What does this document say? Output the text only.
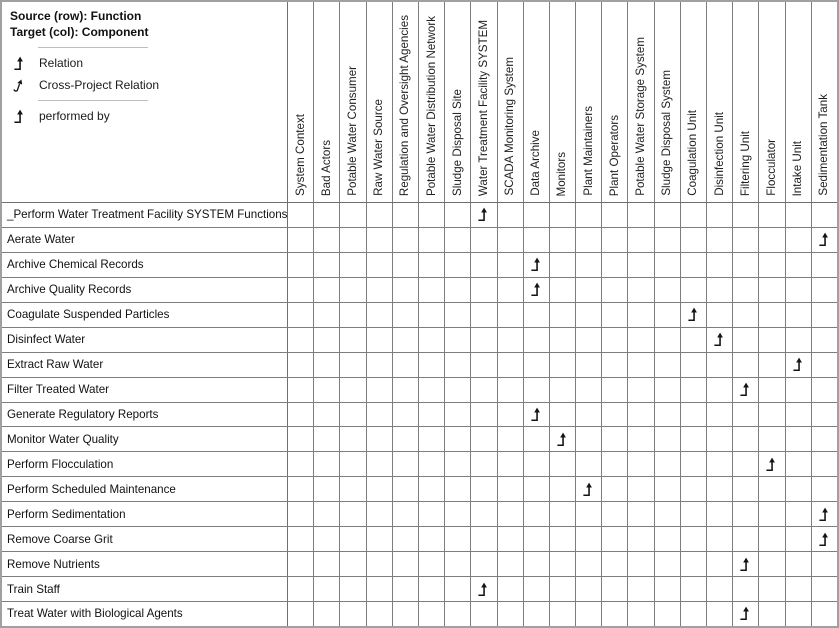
Source (row): Function
Target (col): Component
Relation
Cross-Project Relation
performed by	System Context Bad Actors Potable Water Consumer Raw Water Source Regulation and Oversight Agencies Potable Water Distribution Network Sludge Disposal Site Water Treatment Facility SYSTEM SCADA Monitoring System Data Archive Monitors Plant Maintainers Plant Operators Potable Water Storage System Sludge Disposal System Coagulation Unit Disinfection Unit Filtering Unit Flocculator Intake Unit Sedimentation Tank
_Perform Water Treatment Facility SYSTEM Functions
Aerate Water
Archive Chemical Records
Archive Quality Records
Coagulate Suspended Particles
Disinfect Water
Extract Raw Water
Filter Treated Water
Generate Regulatory Reports
Monitor Water Quality
Perform Flocculation
Perform Scheduled Maintenance
Perform Sedimentation
Remove Coarse Grit
Remove Nutrients
Train Staff
Treat Water with Biological Agents
